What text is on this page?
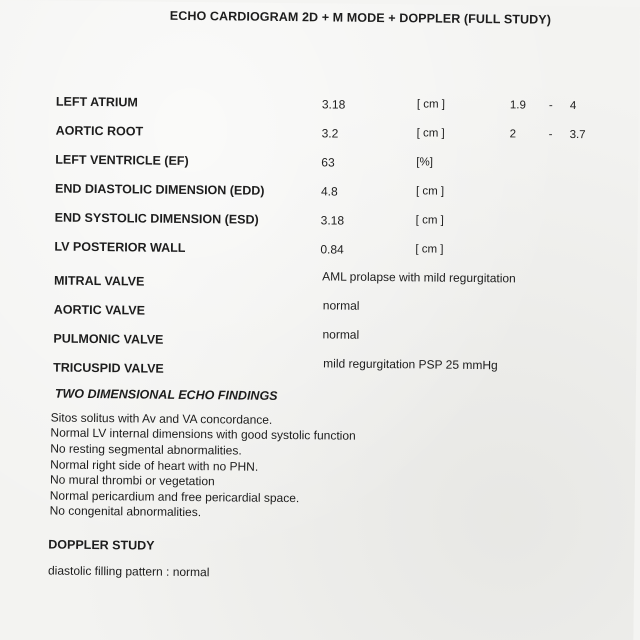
ECHO CARDIOGRAM 2D + M MODE + DOPPLER (FULL STUDY)
LEFT ATRIUM	3.18	[ cm ]	1.9 - 4
AORTIC ROOT	3.2	[ cm ]	2	- 3.7
LEFT VENTRICLE (EF)	63	[%]
END DIASTOLIC DIMENSION (EDD)	4.8	[ cm ]
END SYSTOLIC DIMENSION (ESD)	3.18	[ cm ]
LV POSTERIOR WALL	0.84	[ cm ]
MITRAL VALVE	AML prolapse with mild regurgitation
AORTIC VALVE	normal
PULMONIC VALVE	normal
TRICUSPID VALVE	mild regurgitation PSP 25 mmHg
TWO DIMENSIONAL ECHO FINDINGS
Sitos solitus with Av and VA concordance.
Normal LV internal dimensions with good systolic function
No resting segmental abnormalities.
Normal right side of heart with no PHN.
No mural thrombi or vegetation
Normal pericardium and free pericardial space.
No congenital abnormalities.
DOPPLER STUDY
diastolic filling pattern : normal
